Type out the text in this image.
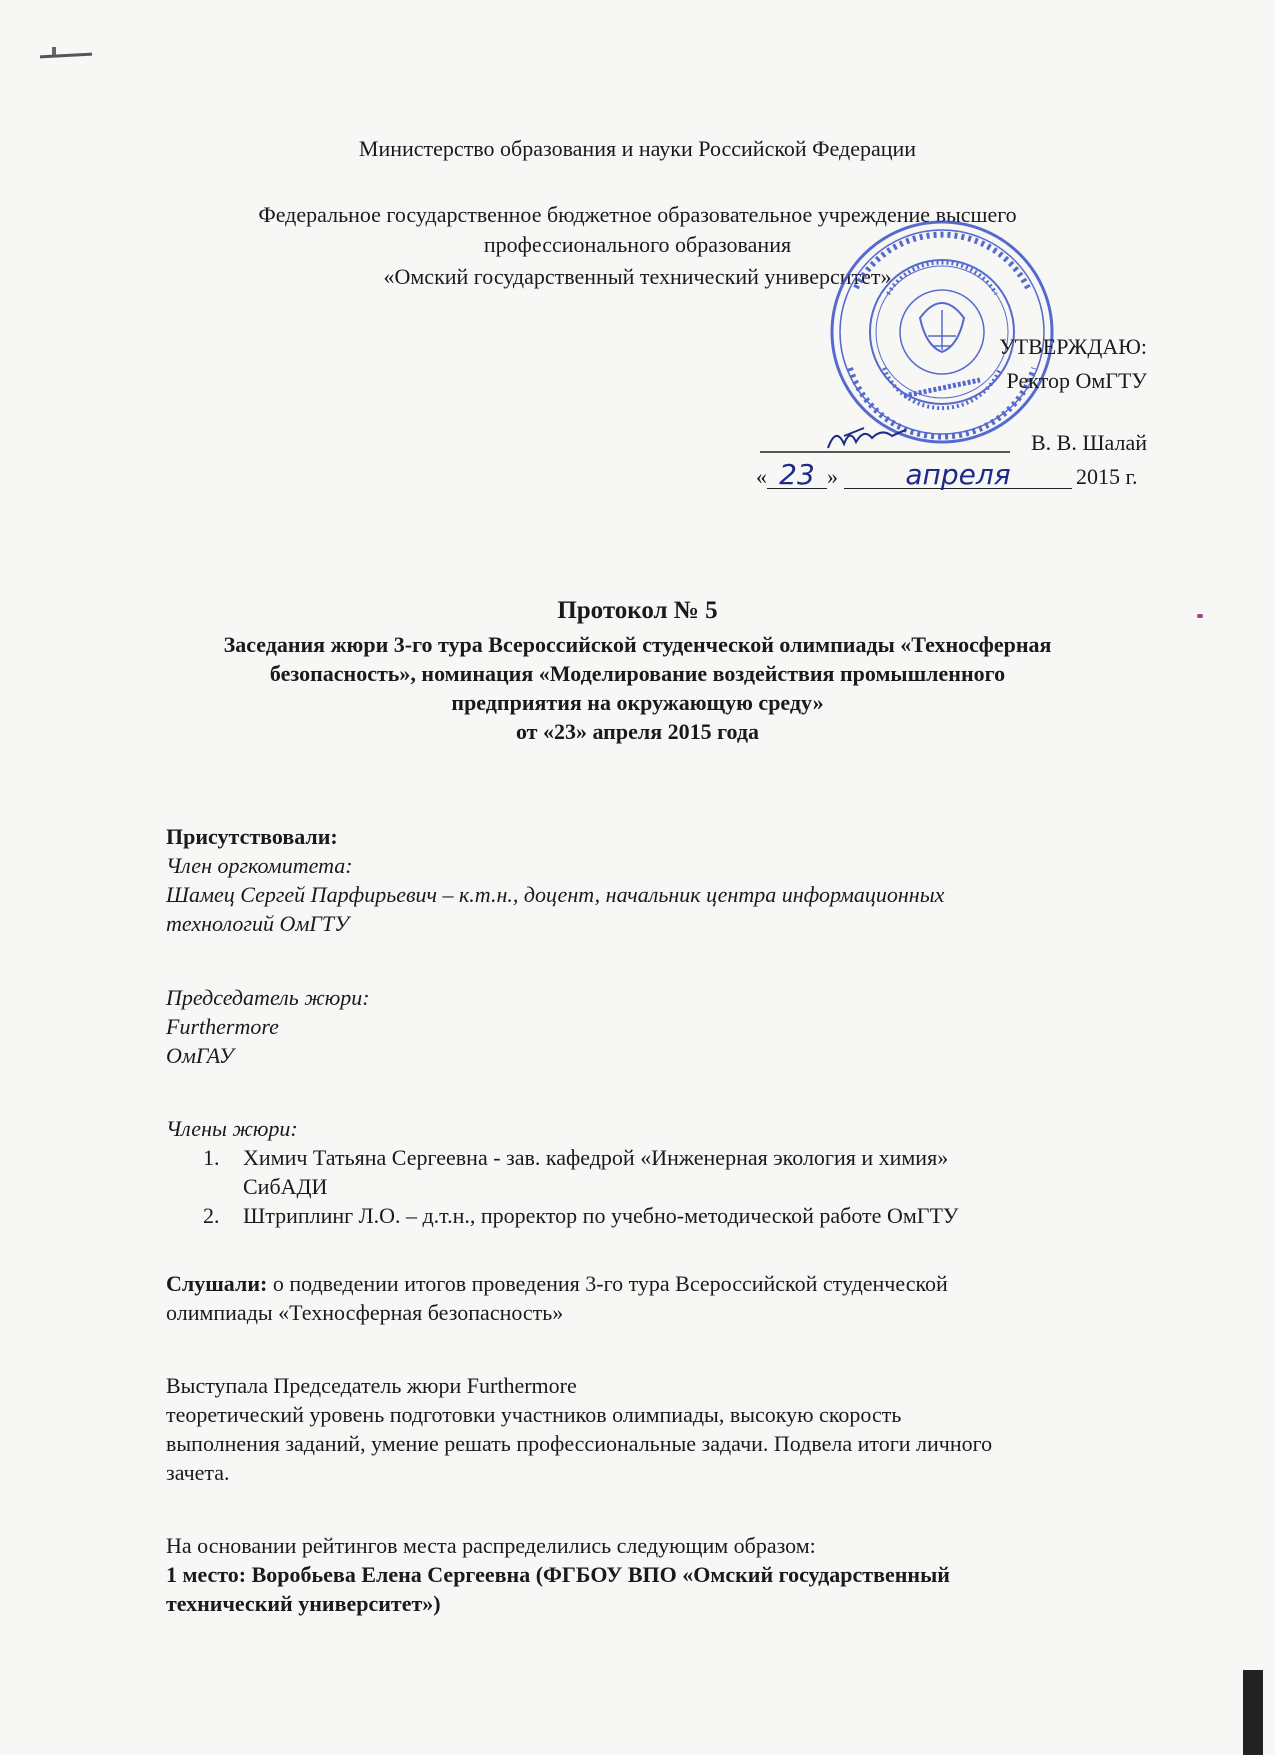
Министерство образования и науки Российской Федерации
Федеральное государственное бюджетное образовательное учреждение высшего
профессионального образования
«Омский государственный технический университет»
УТВЕРЖДАЮ:
Ректор ОмГТУ
В. В. Шалай
« 23 » апреля	2015 г.
Протокол № 5
Заседания жюри 3-го тура Всероссийской студенческой олимпиады «Техносферная
безопасность», номинация «Моделирование воздействия промышленного
предприятия на окружающую среду»
от «23» апреля 2015 года
Присутствовали:
Член оргкомитета:
Шамец Сергей Парфирьевич – к.т.н., доцент, начальник центра информационных
технологий ОмГТУ
Председатель жюри:
Furthermore
ОмГАУ
Члены жюри:
1. Химич Татьяна Сергеевна - зав. кафедрой «Инженерная экология и химия»
СибАДИ
2. Штриплинг Л.О. – д.т.н., проректор по учебно-методической работе ОмГТУ
Слушали: о подведении итогов проведения 3-го тура Всероссийской студенческой
олимпиады «Техносферная безопасность»
Выступала Председатель жюри Furthermore
теоретический уровень подготовки участников олимпиады, высокую скорость
выполнения заданий, умение решать профессиональные задачи. Подвела итоги личного
зачета.
На основании рейтингов места распределились следующим образом:
1 место: Воробьева Елена Сергеевна (ФГБОУ ВПО «Омский государственный
технический университет»)
